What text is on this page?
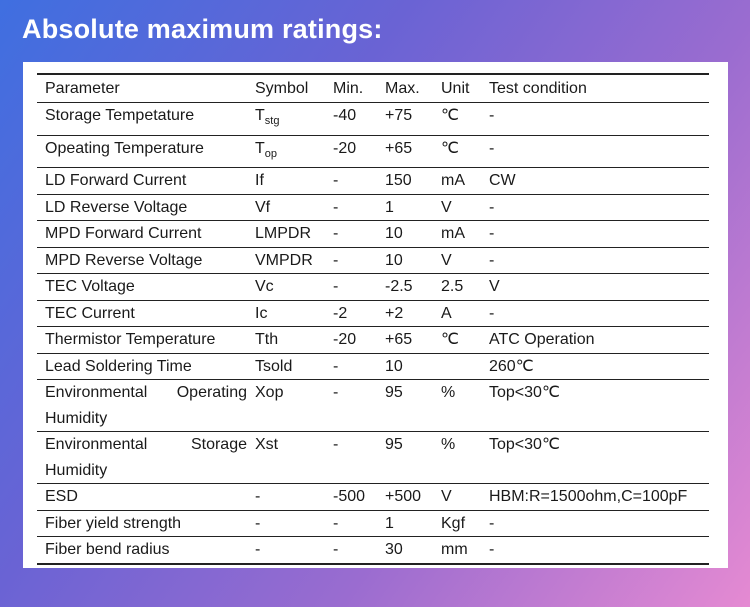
Absolute maximum ratings:
Parameter	Symbol	Min.	Max.	Unit	Test condition
Storage Tempetature	$T_{stg}$	-40	+75	℃	-
Opeating Temperature	$T_{op}$	-20	+65	℃	-
LD Forward Current	If	-	150	mA	CW
LD Reverse Voltage	Vf	-	1	V	-
MPD Forward Current	LMPDR	-	10	mA	-
MPD Reverse Voltage	VMPDR	-	10	V	-
TEC Voltage	Vc	-	-2.5	2.5	V
TEC Current	Ic	-2	+2	A	-
Thermistor Temperature	Tth	-20	+65	℃	ATC Operation
Lead Soldering Time	Tsold	-	10		260℃

Environmental Operating
Humidity	Xop	-	95	%	Top<30℃

Environmental Storage
Humidity	Xst	-	95	%	Top<30℃
ESD	-	-500	+500	V	HBM:R=1500ohm,C=100pF
Fiber yield strength	-	-	1	Kgf	-
Fiber bend radius	-	-	30	mm	-
